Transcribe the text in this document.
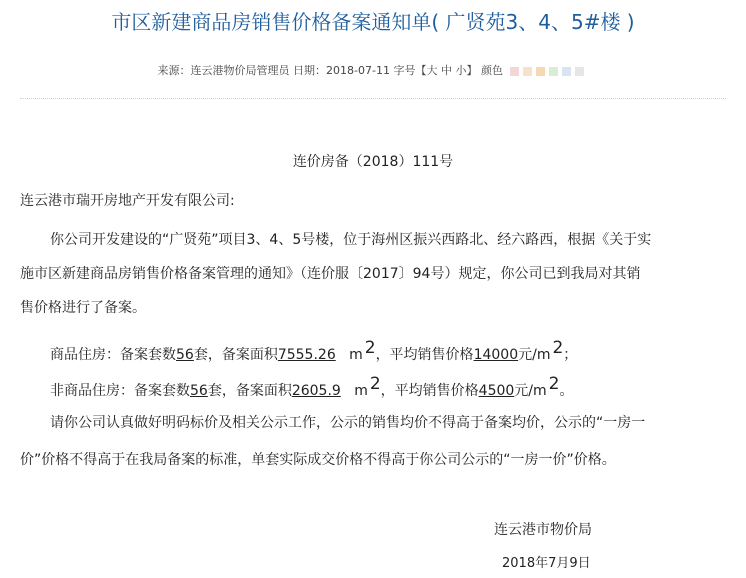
市区新建商品房销售价格备案通知单( 广贤苑3、4、5#楼 )
来源：连云港物价局管理员 日期：2018-07-11 字号【大 中 小】 颜色
连价房备（2018）111号
连云港市瑞开房地产开发有限公司:
你公司开发建设的“广贤苑”项目3、4、5号楼，位于海州区振兴西路北、经六路西，根据《关于实
施市区新建商品房销售价格备案管理的通知》（连价服〔2017〕94号）规定，你公司已到我局对其销
售价格进行了备案。
商品住房：备案套数56套，备案面积7555.26 m 2，平均销售价格14000元/m 2；
非商品住房：备案套数56套，备案面积2605.9 m 2，平均销售价格4500元/m 2。
请你公司认真做好明码标价及相关公示工作，公示的销售均价不得高于备案均价，公示的“一房一
价”价格不得高于在我局备案的标准，单套实际成交价格不得高于你公司公示的“一房一价”价格。
连云港市物价局
2018年7月9日
